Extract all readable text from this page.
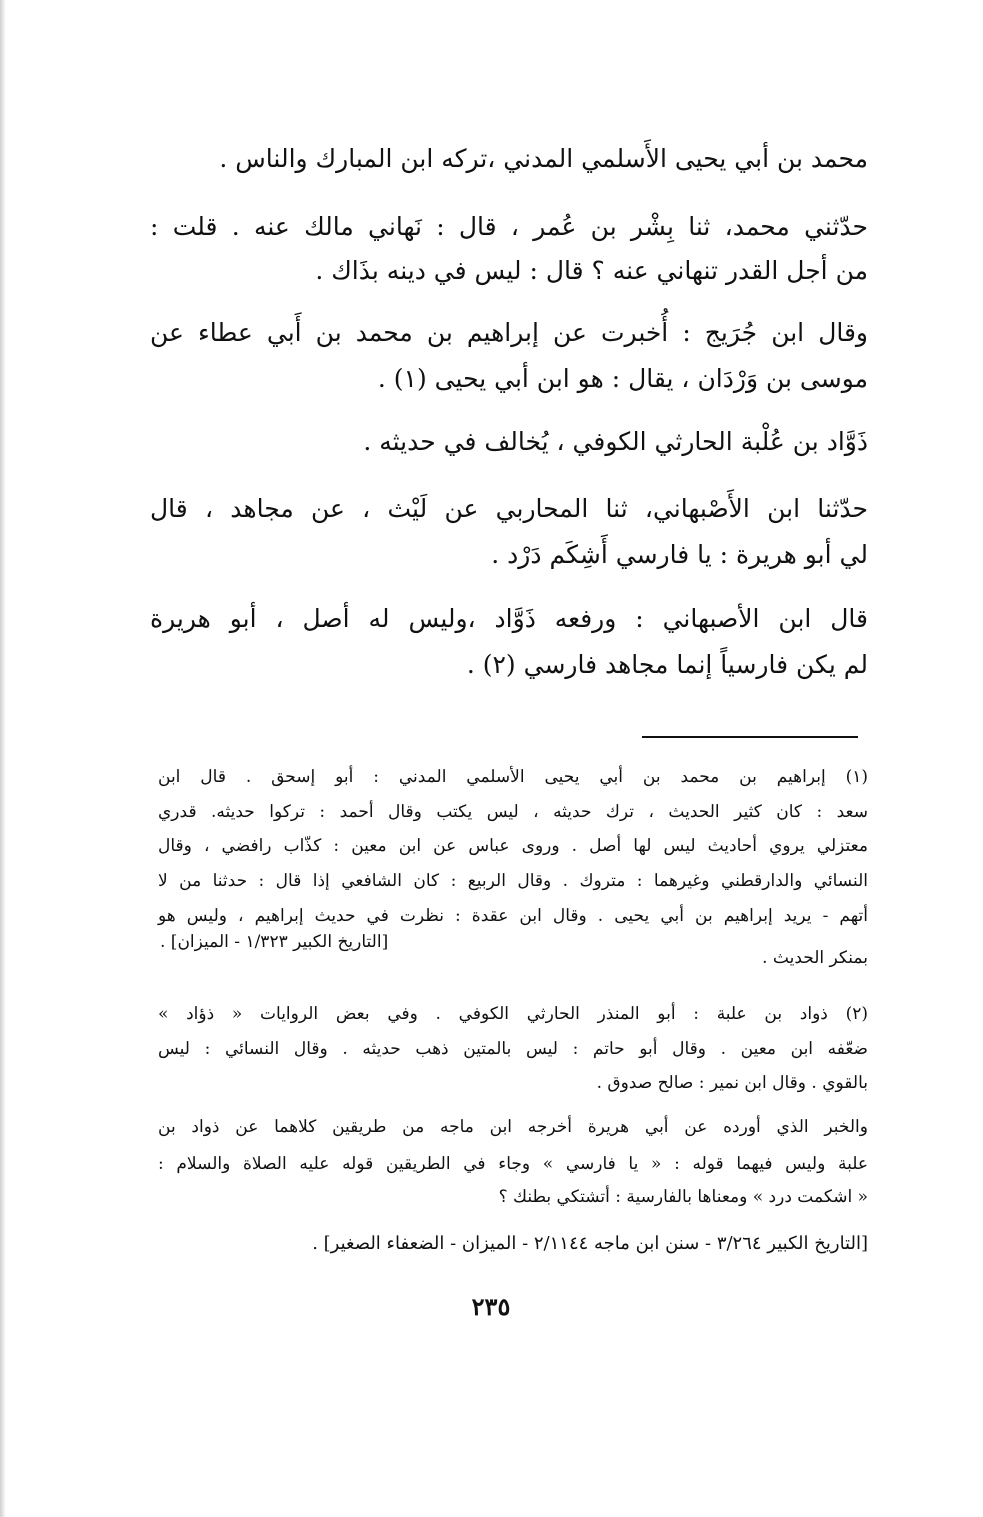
محمد بن أبي يحيى الأَسلمي المدني ،تركه ابن المبارك والناس .
حدّثني محمد، ثنا بِشْر بن عُمر ، قال : نَهاني مالك عنه . قلت :
من أجل القدر تنهاني عنه ؟ قال : ليس في دينه بذَاك .
وقال ابن جُرَيج : أُخبرت عن إبراهيم بن محمد بن أَبي عطاء عن
موسى بن وَرْدَان ، يقال : هو ابن أبي يحيى (١) .
ذَوَّاد بن عُلْبة الحارثي الكوفي ، يُخالف في حديثه .
حدّثنا ابن الأَصْبهاني، ثنا المحاربي عن لَيْث ، عن مجاهد ، قال
لي أبو هريرة : يا فارسي أَشِكَم دَرْد .
قال ابن الأصبهاني : ورفعه ذَوَّاد ،وليس له أصل ، أبو هريرة
لم يكن فارسياً إنما مجاهد فارسي (٢) .
(١) إبراهيم بن محمد بن أبي يحيى الأسلمي المدني : أبو إسحق . قال ابن
سعد : كان كثير الحديث ، ترك حديثه ، ليس يكتب وقال أحمد : تركوا حديثه. قدري
معتزلي يروي أحاديث ليس لها أصل . وروى عباس عن ابن معين : كذّاب رافضي ، وقال
النسائي والدارقطني وغيرهما : متروك . وقال الربيع : كان الشافعي إذا قال : حدثنا من لا
أتهم - يريد إبراهيم بن أبي يحيى . وقال ابن عقدة : نظرت في حديث إبراهيم ، وليس هو
بمنكر الحديث .
[التاريخ الكبير ١/٣٢٣ - الميزان] .
(٢) ذواد بن علبة : أبو المنذر الحارثي الكوفي . وفي بعض الروايات « ذؤاد »
ضعّفه ابن معين . وقال أبو حاتم : ليس بالمتين ذهب حديثه . وقال النسائي : ليس
بالقوي . وقال ابن نمير : صالح صدوق .
والخبر الذي أورده عن أبي هريرة أخرجه ابن ماجه من طريقين كلاهما عن ذواد بن
علبة وليس فيهما قوله : « يا فارسي » وجاء في الطريقين قوله عليه الصلاة والسلام :
« اشكمت درد » ومعناها بالفارسية : أتشتكي بطنك ؟
[التاريخ الكبير ٣/٢٦٤ - سنن ابن ماجه ٢/١١٤٤ - الميزان - الضعفاء الصغير] .
٢٣٥
